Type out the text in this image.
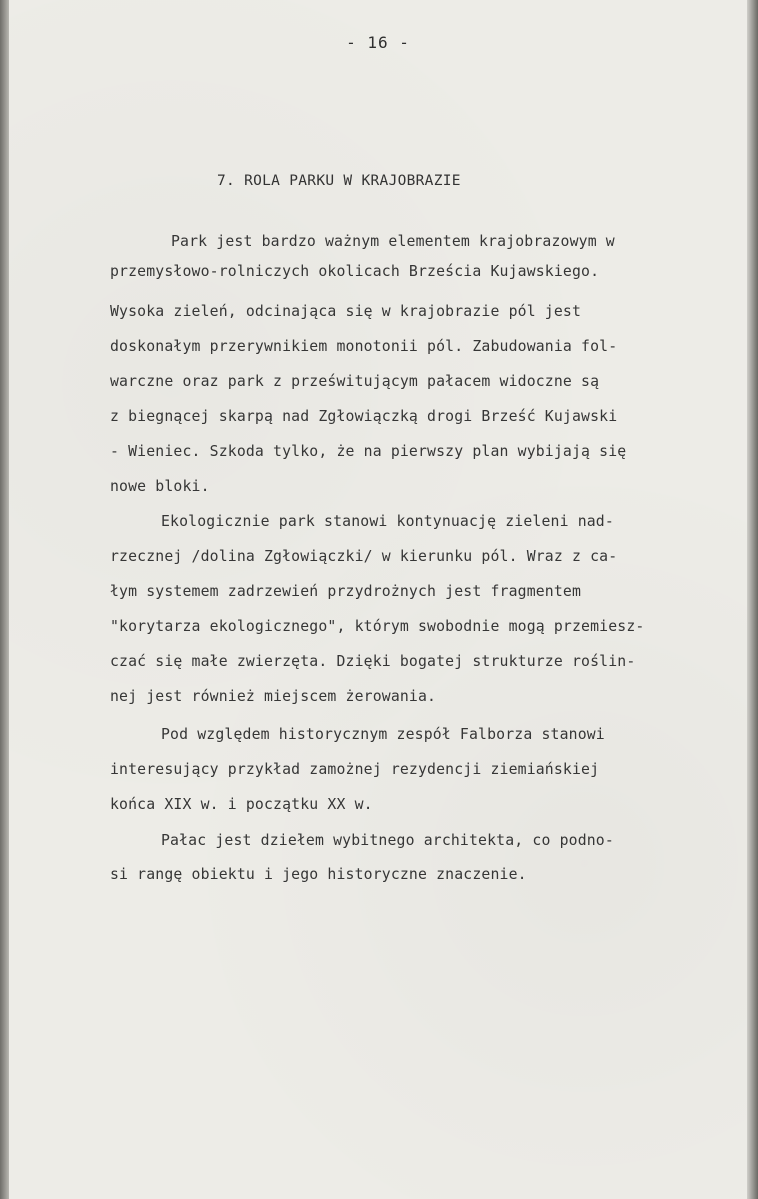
- 16 -
7. ROLA PARKU W KRAJOBRAZIE
Park jest bardzo ważnym elementem krajobrazowym w
przemysłowo-rolniczych okolicach Brześcia Kujawskiego.
Wysoka zieleń, odcinająca się w krajobrazie pól jest
doskonałym przerywnikiem monotonii pól. Zabudowania fol-
warczne oraz park z prześwitującym pałacem widoczne są
z biegnącej skarpą nad Zgłowiączką drogi Brześć Kujawski
- Wieniec. Szkoda tylko, że na pierwszy plan wybijają się
nowe bloki.
Ekologicznie park stanowi kontynuację zieleni nad-
rzecznej /dolina Zgłowiączki/ w kierunku pól. Wraz z ca-
łym systemem zadrzewień przydrożnych jest fragmentem
"korytarza ekologicznego", którym swobodnie mogą przemiesz-
czać się małe zwierzęta. Dzięki bogatej strukturze roślin-
nej jest również miejscem żerowania.
Pod względem historycznym zespół Falborza stanowi
interesujący przykład zamożnej rezydencji ziemiańskiej
końca XIX w. i początku XX w.
Pałac jest dziełem wybitnego architekta, co podno-
si rangę obiektu i jego historyczne znaczenie.
